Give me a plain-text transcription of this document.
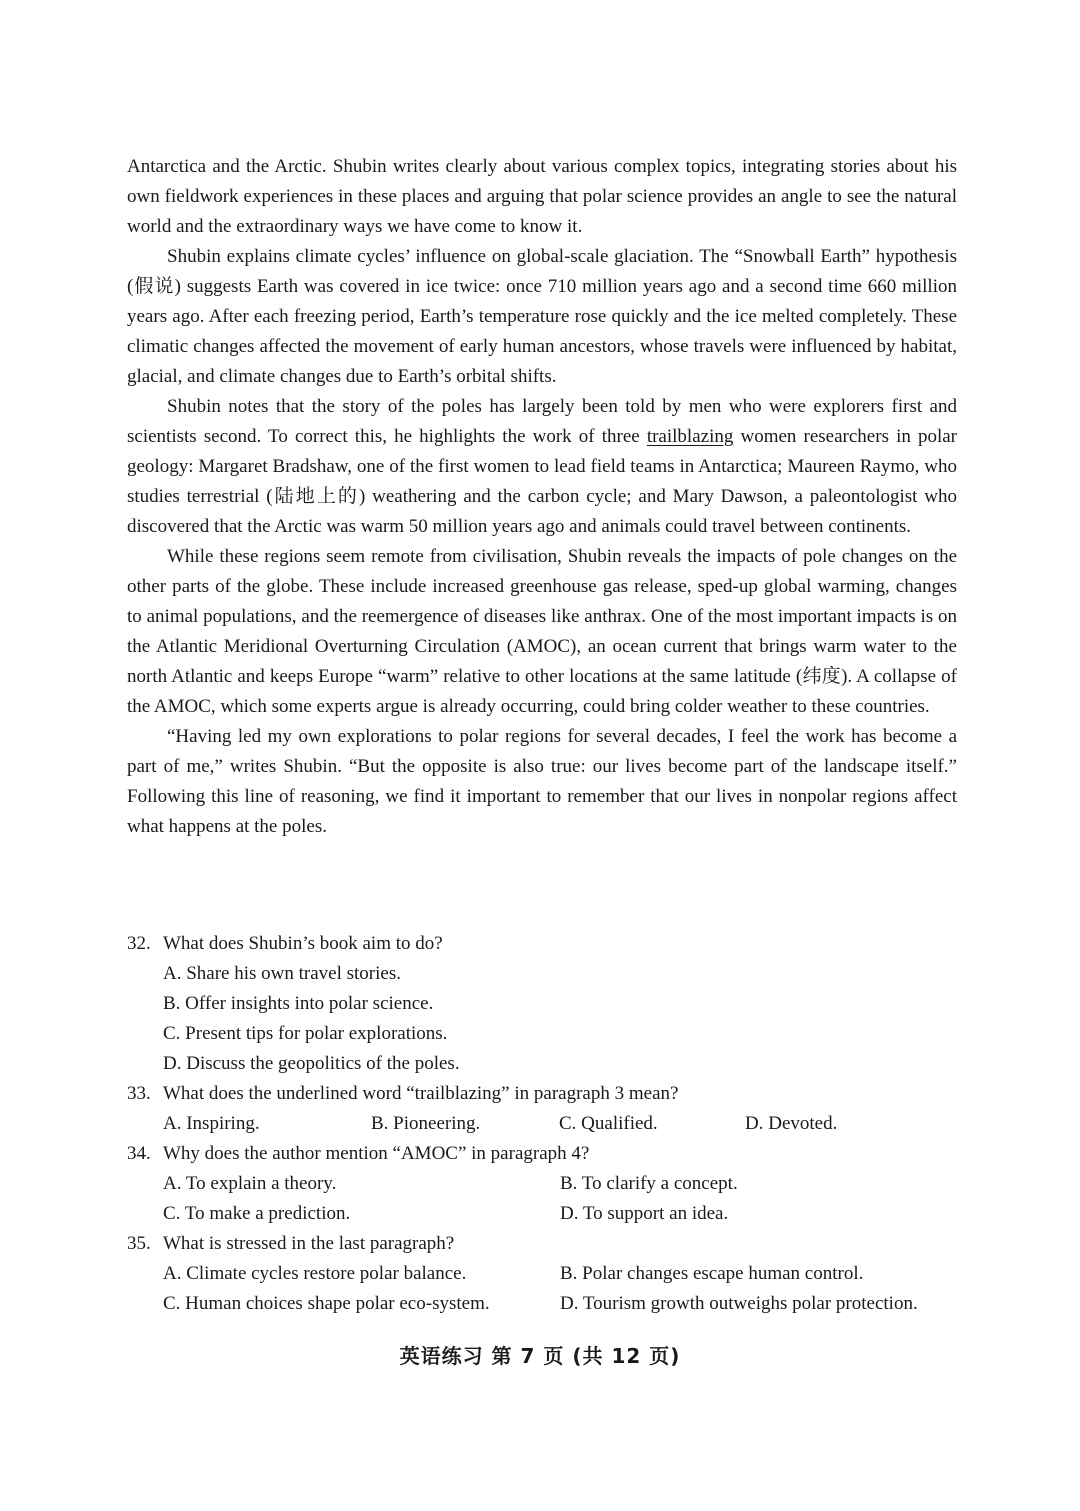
Antarctica and the Arctic. Shubin writes clearly about various complex topics, integrating stories about his own fieldwork experiences in these places and arguing that polar science provides an angle to see the natural world and the extraordinary ways we have come to know it.

Shubin explains climate cycles’ influence on global-scale glaciation. The “Snowball Earth” hypothesis (假说) suggests Earth was covered in ice twice: once 710 million years ago and a second time 660 million years ago. After each freezing period, Earth’s temperature rose quickly and the ice melted completely. These climatic changes affected the movement of early human ancestors, whose travels were influenced by habitat, glacial, and climate changes due to Earth’s orbital shifts.

Shubin notes that the story of the poles has largely been told by men who were explorers first and scientists second. To correct this, he highlights the work of three trailblazing women researchers in polar geology: Margaret Bradshaw, one of the first women to lead field teams in Antarctica; Maureen Raymo, who studies terrestrial (陆地上的) weathering and the carbon cycle; and Mary Dawson, a paleontologist who discovered that the Arctic was warm 50 million years ago and animals could travel between continents.

While these regions seem remote from civilisation, Shubin reveals the impacts of pole changes on the other parts of the globe. These include increased greenhouse gas release, sped-up global warming, changes to animal populations, and the reemergence of diseases like anthrax. One of the most important impacts is on the Atlantic Meridional Overturning Circulation (AMOC), an ocean current that brings warm water to the north Atlantic and keeps Europe “warm” relative to other locations at the same latitude (纬度). A collapse of the AMOC, which some experts argue is already occurring, could bring colder weather to these countries.

“Having led my own explorations to polar regions for several decades, I feel the work has become a part of me,” writes Shubin. “But the opposite is also true: our lives become part of the landscape itself.” Following this line of reasoning, we find it important to remember that our lives in nonpolar regions affect what happens at the poles.

32. What does Shubin’s book aim to do?

A. Share his own travel stories.

B. Offer insights into polar science.

C. Present tips for polar explorations.

D. Discuss the geopolitics of the poles.

33. What does the underlined word “trailblazing” in paragraph 3 mean?

A. Inspiring.	B. Pioneering.	C. Qualified.	D. Devoted.

34. Why does the author mention “AMOC” in paragraph 4?

A. To explain a theory.	B. To clarify a concept.
C. To make a prediction.	D. To support an idea.

35. What is stressed in the last paragraph?

A. Climate cycles restore polar balance.	B. Polar changes escape human control.
C. Human choices shape polar eco-system.	D. Tourism growth outweighs polar protection.
英语练习 第 7 页 (共 12 页)
